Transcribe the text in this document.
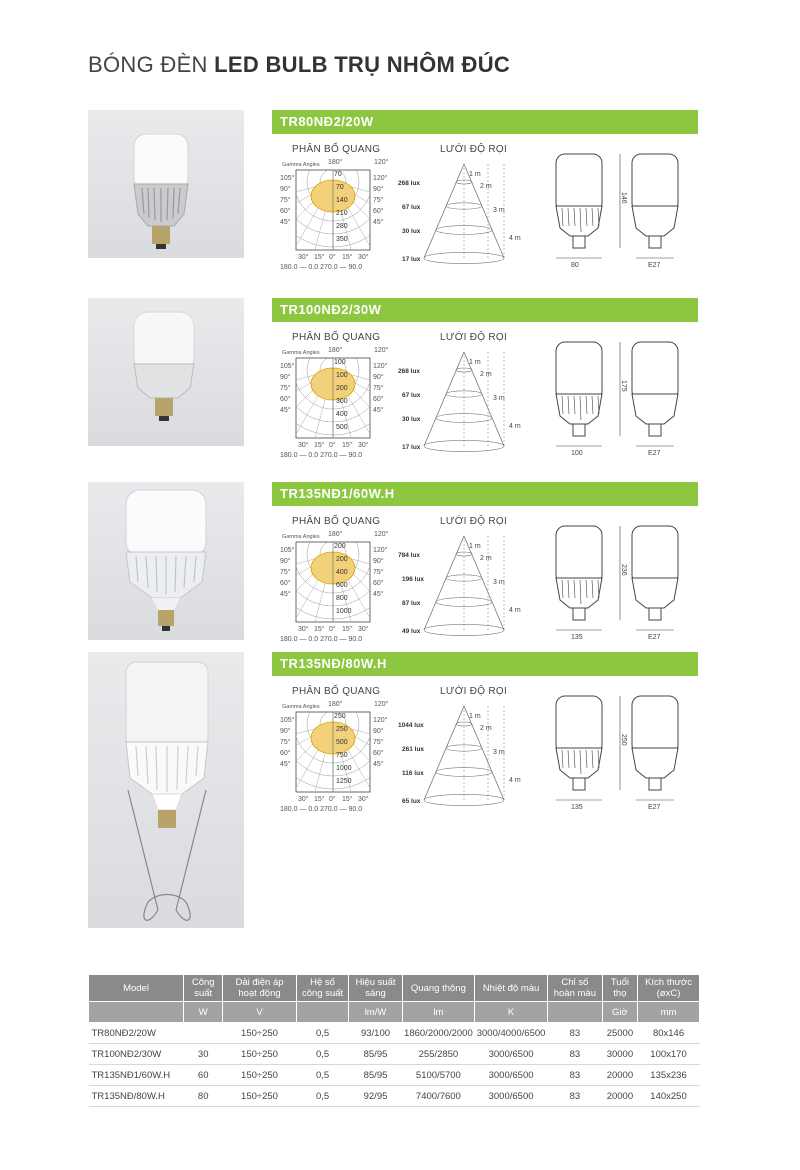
BÓNG ĐÈN LED BULB TRỤ NHÔM ĐÚC
TR80NĐ2/20W
PHÂN BỐ QUANG	LƯỚI ĐỘ RỌI
Gamma Angles 180°	120°
105°
90°
75°
60°
45°
120°
90°
75°
60°
45°
70
70
140
210
280
350
30° 15° 0° 15° 30°
180.0 — 0.0 270.0 — 90.0
268 lux
67 lux
30 lux
17 lux
1 m
2 m
3 m
4 m
80
146
E27
TR100NĐ2/30W
PHÂN BỐ QUANG	LƯỚI ĐỘ RỌI
Gamma Angles 180°	120°
105°
90°
75°
60°
45°
120°
90°
75°
60°
45°
100
100
200
300
400
500
30° 15° 0° 15° 30°
180.0 — 0.0 270.0 — 90.0
268 lux
67 lux
30 lux
17 lux
1 m
2 m
3 m
4 m
100
175
E27
TR135NĐ1/60W.H
PHÂN BỐ QUANG	LƯỚI ĐỘ RỌI
Gamma Angles 180°	120°
105°
90°
75°
60°
45°
120°
90°
75°
60°
45°
200
200
400
600
800
1000
30° 15° 0° 15° 30°
180.0 — 0.0 270.0 — 90.0
784 lux
196 lux
87 lux
49 lux
1 m
2 m
3 m
4 m
135
236
E27
TR135NĐ/80W.H
PHÂN BỐ QUANG	LƯỚI ĐỘ RỌI
Gamma Angles 180°	120°
105°
90°
75°
60°
45°
120°
90°
75°
60°
45°
250
250
500
750
1000
1250
30° 15° 0° 15° 30°
180.0 — 0.0 270.0 — 90.0
1044 lux
261 lux
116 lux
65 lux
1 m
2 m
3 m
4 m
135
250
E27
Model	Công suất	Dải điện áp hoạt động	Hệ số công suất	Hiệu suất sáng	Quang thông	Nhiệt độ màu	Chỉ số hoàn màu	Tuổi thọ	Kích thước (øxC)
	W	V		lm/W	lm	K		Giờ	mm
TR80NĐ2/20W		150÷250	0,5	93/100	1860/2000/2000	3000/4000/6500	83	25000	80x146
TR100NĐ2/30W	30	150÷250	0,5	85/95	255/2850	3000/6500	83	30000	100x170
TR135NĐ1/60W.H	60	150÷250	0,5	85/95	5100/5700	3000/6500	83	20000	135x236
TR135NĐ/80W.H	80	150÷250	0,5	92/95	7400/7600	3000/6500	83	20000	140x250
